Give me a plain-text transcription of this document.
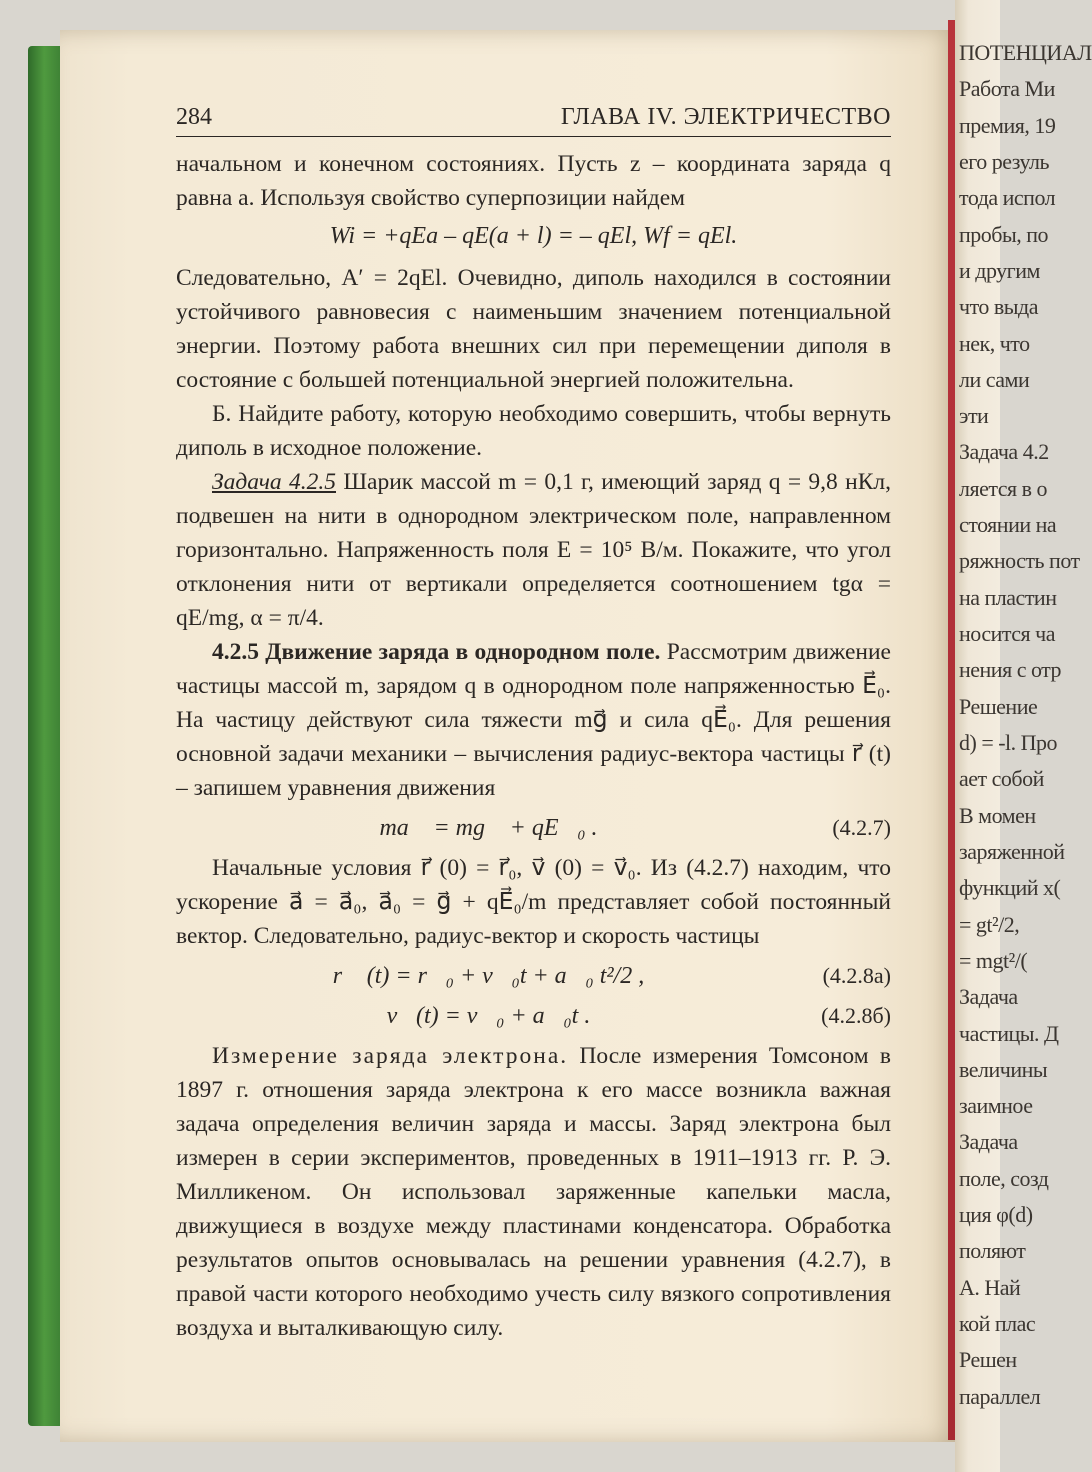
ПОТЕНЦИАЛ
Работа Ми
премия, 19
его резуль
тода испол
пробы, по
и другим
что выда
нек, что
ли сами
эти
Задача 4.2
ляется в о
стоянии на
ряжность пот
на пластин
носится ча
нения с отр
Решение
d) = -l. Про
ает собой
В момен
заряженной
функций x(
= gt²/2,
= mgt²/(
Задача
частицы. Д
величины
заимное
Задача
поле, созд
ция φ(d)
поляют
А. Най
кой плас
Решен
параллел
284	ГЛАВА IV. ЭЛЕКТРИЧЕСТВО

начальном и конечном состояниях. Пусть z – координата заряда q равна a. Используя свойство суперпозиции найдем

Wi = +qEa – qE(a + l) = – qEl, Wf = qEl.

Следовательно, A′ = 2qEl. Очевидно, диполь находился в состоянии устойчивого равновесия с наименьшим значением потенциальной энергии. Поэтому работа внешних сил при перемещении диполя в состояние с большей потенциальной энергией положительна.

Б. Найдите работу, которую необходимо совершить, чтобы вернуть диполь в исходное положение.

Задача 4.2.5 Шарик массой m = 0,1 г, имеющий заряд q = 9,8 нКл, подвешен на нити в однородном электрическом поле, направленном горизонтально. Напряженность поля E = 10⁵ В/м. Покажите, что угол отклонения нити от вертикали определяется соотношением tgα = qE/mg, α = π/4.

4.2.5 Движение заряда в однородном поле. Рассмотрим движение частицы массой m, зарядом q в однородном поле напряженностью E⃗₀. На частицу действуют сила тяжести mg⃗ и сила qE⃗₀. Для решения основной задачи механики – вычисления радиус-вектора частицы r⃗ (t) – запишем уравнения движения

ma⃗ = mg⃗ + qE⃗₀ .	(4.2.7)

Начальные условия r⃗ (0) = r⃗₀, v⃗ (0) = v⃗₀. Из (4.2.7) находим, что ускорение a⃗ = a⃗₀, a⃗₀ = g⃗ + qE⃗₀/m представляет собой постоянный вектор. Следовательно, радиус-вектор и скорость частицы

r⃗ (t) = r⃗₀ + v⃗₀t + a⃗₀ t²/2 ,	(4.2.8а)
v⃗(t) = v⃗₀ + a⃗₀t .	(4.2.8б)

Измерение заряда электрона. После измерения Томсоном в 1897 г. отношения заряда электрона к его массе возникла важная задача определения величин заряда и массы. Заряд электрона был измерен в серии экспериментов, проведенных в 1911–1913 гг. Р. Э. Милликеном. Он использовал заряженные капельки масла, движущиеся в воздухе между пластинами конденсатора. Обработка результатов опытов основывалась на решении уравнения (4.2.7), в правой части которого необходимо учесть силу вязкого сопротивления воздуха и выталкивающую силу.
